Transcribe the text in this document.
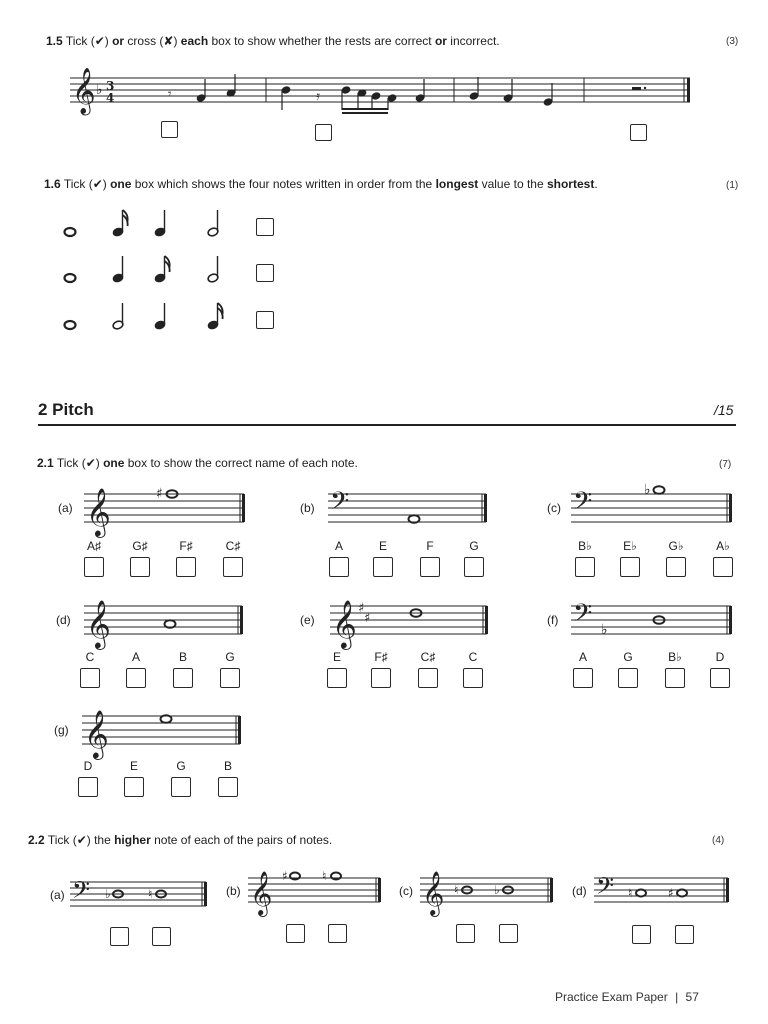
1.5 Tick (✔) or cross (✘) each box to show whether the rests are correct or incorrect.	(3)
𝄞 ♭ 3
4	𝄾	𝄿
1.6 Tick (✔) one box which shows the four notes written in order from the longest value to the shortest.	(1)
2 Pitch	/15
2.1 Tick (✔) one box to show the correct name of each note.	(7)
𝄞	♯	𝄢	𝄢	♭
𝄞	𝄞 ♯
♯	𝄢 ♭
𝄞
(a)	(b)	(c)
(d)	(e)	(f)
(g)
A♯	G♯	F♯	C♯	A	E	F	G	B♭	E♭	G♭	A♭
C	A	B	G	E	F♯	C♯	C	A	G	B♭	D
D	E	G	B
2.2 Tick (✔) the higher note of each of the pairs of notes.	(4)
(a)	(b)	(c)	(d)
𝄢 ♭	♮	𝄞 ♯	♮	𝄞 ♮	♭	𝄢 ♮	♯
Practice Exam Paper | 57
